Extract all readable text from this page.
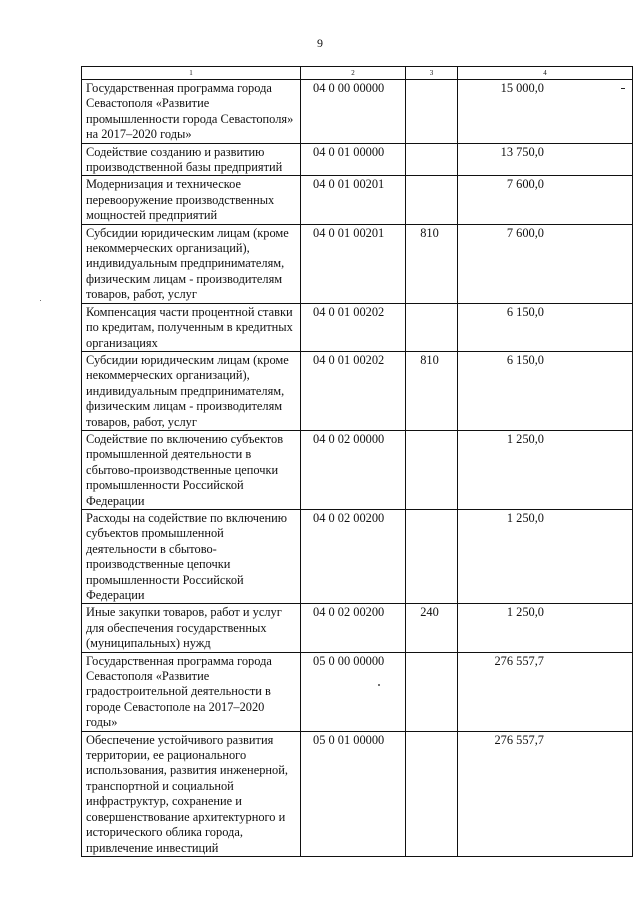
9
1	2	3	4
Государственная программа города Севастополя «Развитие промышленности города Севастополя» на 2017–2020 годы»	04 0 00 00000		15 000,0
Содействие созданию и развитию производственной базы предприятий	04 0 01 00000		13 750,0
Модернизация и техническое перевооружение производственных мощностей предприятий	04 0 01 00201		7 600,0
Субсидии юридическим лицам (кроме некоммерческих организаций), индивидуальным предпринимателям, физическим лицам - производителям товаров, работ, услуг	04 0 01 00201	810	7 600,0
Компенсация части процентной ставки по кредитам, полученным в кредитных организациях	04 0 01 00202		6 150,0
Субсидии юридическим лицам (кроме некоммерческих организаций), индивидуальным предпринимателям, физическим лицам - производителям товаров, работ, услуг	04 0 01 00202	810	6 150,0
Содействие по включению субъектов промышленной деятельности в сбытово-производственные цепочки промышленности Российской Федерации	04 0 02 00000		1 250,0
Расходы на содействие по включению субъектов промышленной деятельности в сбытово-производственные цепочки промышленности Российской Федерации	04 0 02 00200		1 250,0
Иные закупки товаров, работ и услуг для обеспечения государственных (муниципальных) нужд	04 0 02 00200	240	1 250,0
Государственная программа города Севастополя «Развитие градостроительной деятельности в городе Севастополе на 2017–2020 годы»	05 0 00 00000		276 557,7
Обеспечение устойчивого развития территории, ее рационального использования, развития инженерной, транспортной и социальной инфраструктур, сохранение и совершенствование архитектурного и исторического облика города, привлечение инвестиций	05 0 01 00000		276 557,7
